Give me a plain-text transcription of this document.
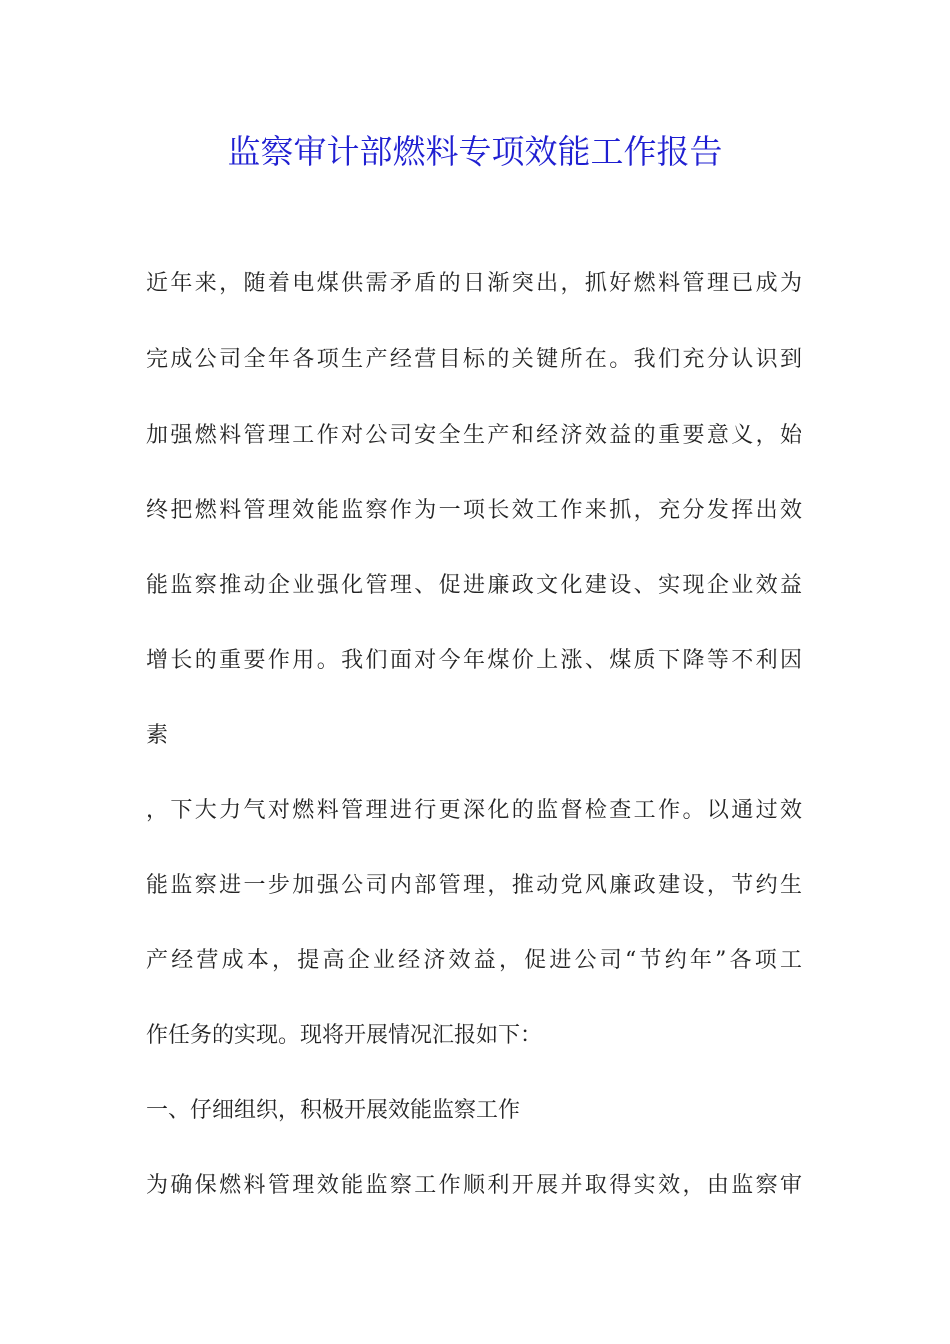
监察审计部燃料专项效能工作报告
近年来，随着电煤供需矛盾的日渐突出，抓好燃料管理已成为
完成公司全年各项生产经营目标的关键所在。我们充分认识到
加强燃料管理工作对公司安全生产和经济效益的重要意义，始
终把燃料管理效能监察作为一项长效工作来抓，充分发挥出效
能监察推动企业强化管理、促进廉政文化建设、实现企业效益
增长的重要作用。我们面对今年煤价上涨、煤质下降等不利因
素
，下大力气对燃料管理进行更深化的监督检查工作。以通过效
能监察进一步加强公司内部管理，推动党风廉政建设，节约生
产经营成本，提高企业经济效益，促进公司“节约年”各项工
作任务的实现。现将开展情况汇报如下：
一、仔细组织，积极开展效能监察工作
为确保燃料管理效能监察工作顺利开展并取得实效，由监察审
